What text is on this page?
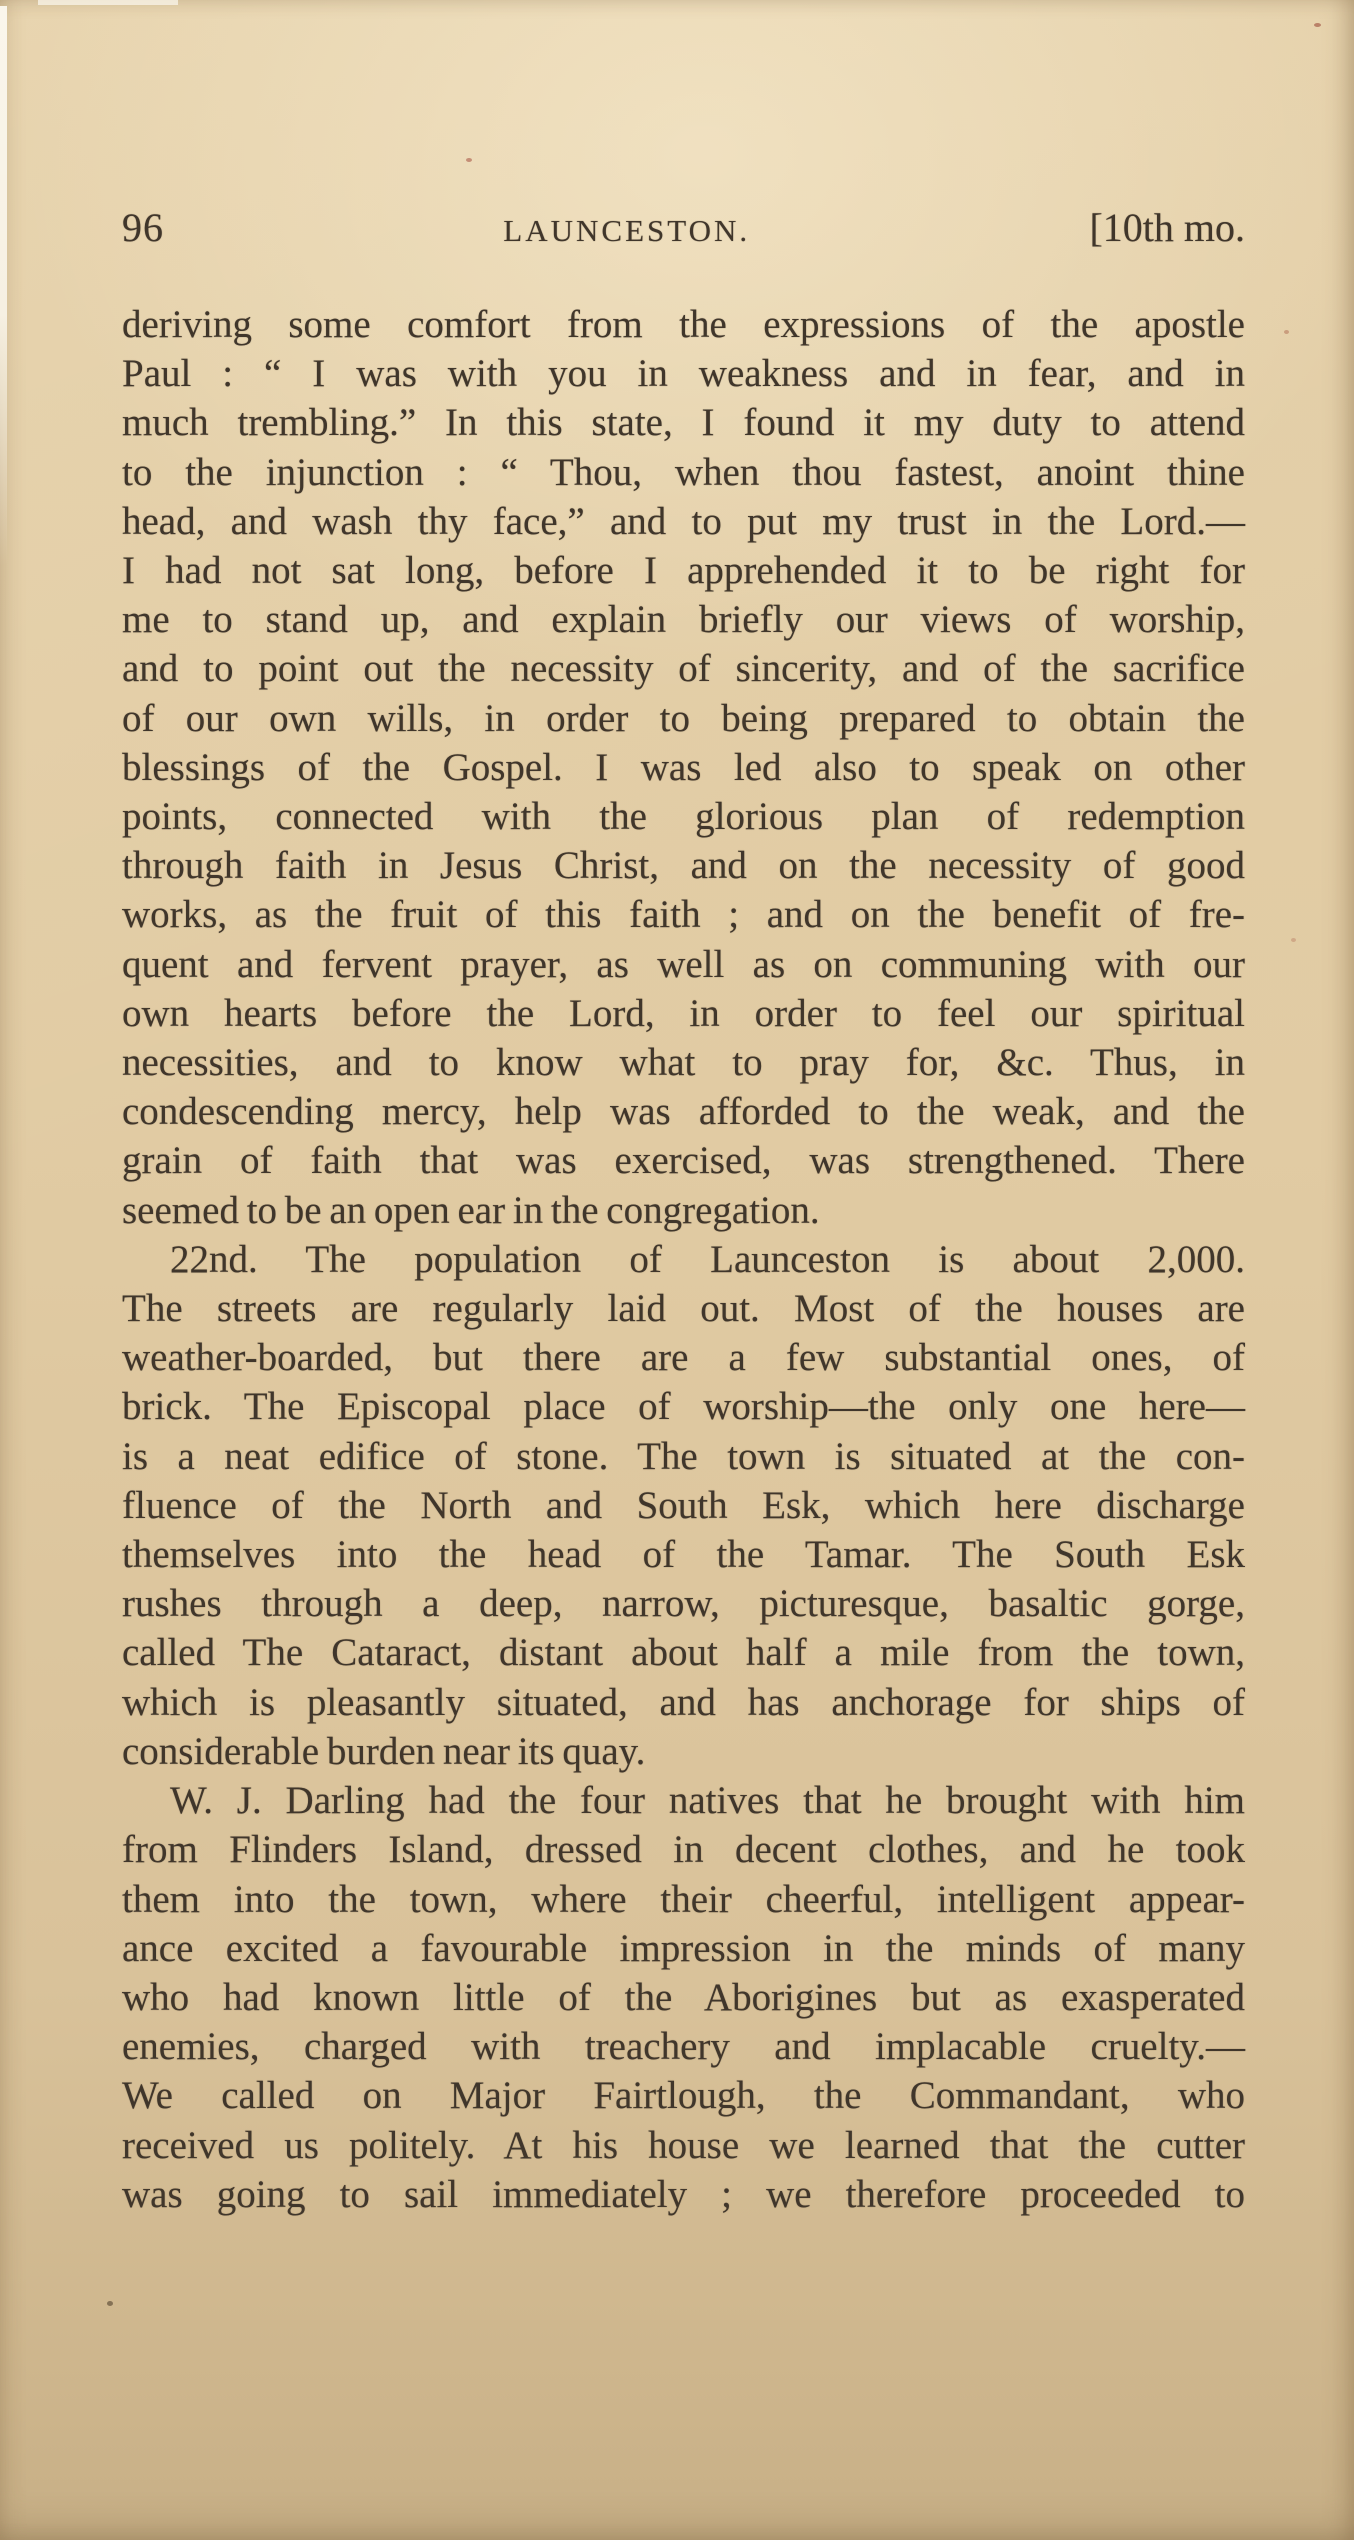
96	LAUNCESTON.	[10th mo.
deriving some comfort from the expressions of the apostle
Paul : “ I was with you in weakness and in fear, and in
much trembling.” In this state, I found it my duty to attend
to the injunction : “ Thou, when thou fastest, anoint thine
head, and wash thy face,” and to put my trust in the Lord.—
I had not sat long, before I apprehended it to be right for
me to stand up, and explain briefly our views of worship,
and to point out the necessity of sincerity, and of the sacrifice
of our own wills, in order to being prepared to obtain the
blessings of the Gospel. I was led also to speak on other
points, connected with the glorious plan of redemption
through faith in Jesus Christ, and on the necessity of good
works, as the fruit of this faith ; and on the benefit of fre-
quent and fervent prayer, as well as on communing with our
own hearts before the Lord, in order to feel our spiritual
necessities, and to know what to pray for, &c. Thus, in
condescending mercy, help was afforded to the weak, and the
grain of faith that was exercised, was strengthened. There
seemed to be an open ear in the congregation.
22nd. The population of Launceston is about 2,000.
The streets are regularly laid out. Most of the houses are
weather-boarded, but there are a few substantial ones, of
brick. The Episcopal place of worship—the only one here—
is a neat edifice of stone. The town is situated at the con-
fluence of the North and South Esk, which here discharge
themselves into the head of the Tamar. The South Esk
rushes through a deep, narrow, picturesque, basaltic gorge,
called The Cataract, distant about half a mile from the town,
which is pleasantly situated, and has anchorage for ships of
considerable burden near its quay.
W. J. Darling had the four natives that he brought with him
from Flinders Island, dressed in decent clothes, and he took
them into the town, where their cheerful, intelligent appear-
ance excited a favourable impression in the minds of many
who had known little of the Aborigines but as exasperated
enemies, charged with treachery and implacable cruelty.—
We called on Major Fairtlough, the Commandant, who
received us politely. At his house we learned that the cutter
was going to sail immediately ; we therefore proceeded to
